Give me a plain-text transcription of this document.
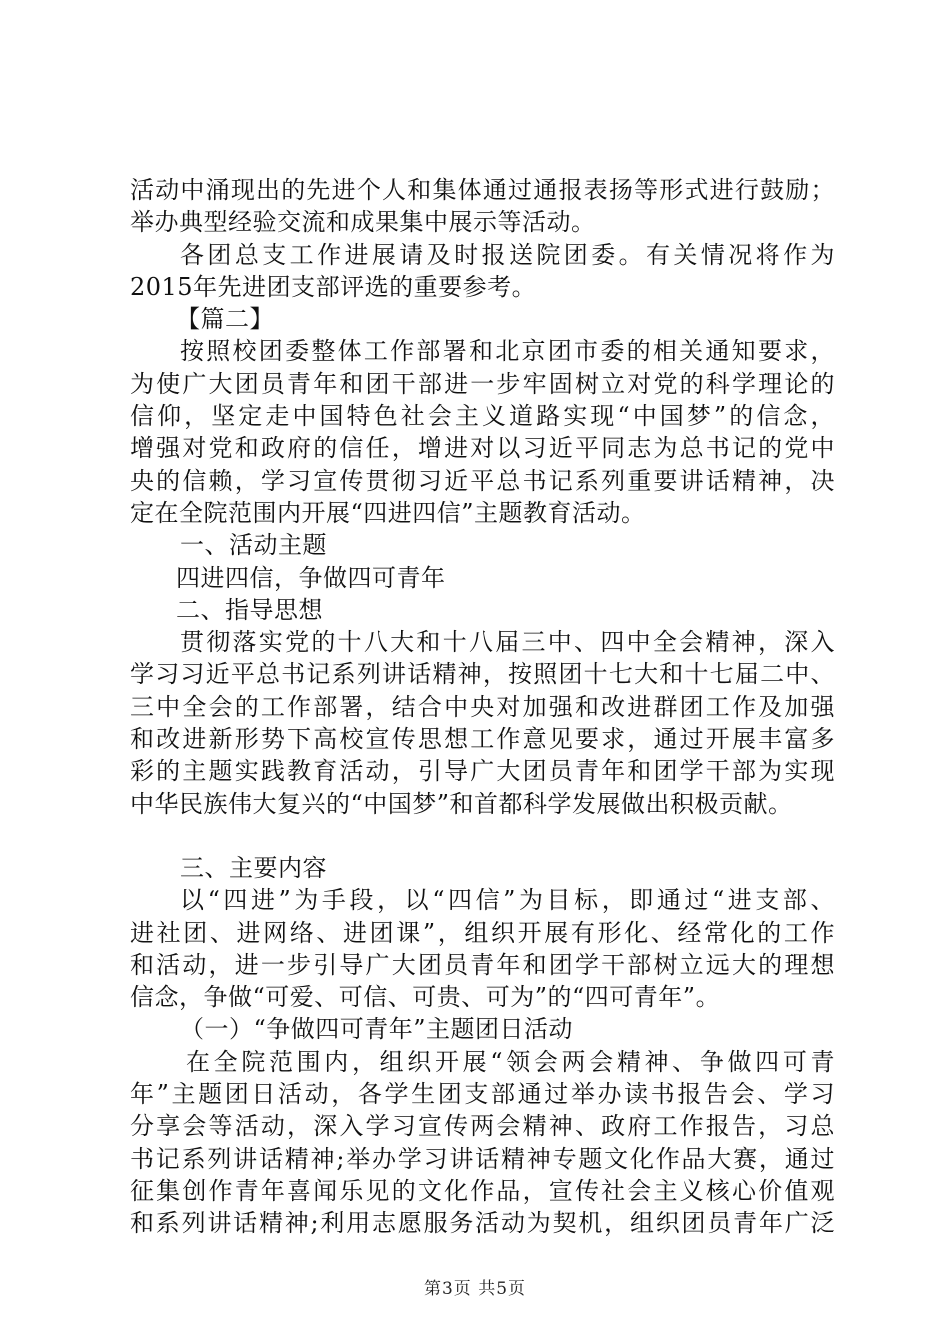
活动中涌现出的先进个人和集体通过通报表扬等形式进行鼓励；
举办典型经验交流和成果集中展示等活动。
各团总支工作进展请及时报送院团委。有关情况将作为
2015年先进团支部评选的重要参考。
【篇二】
按照校团委整体工作部署和北京团市委的相关通知要求，
为使广大团员青年和团干部进一步牢固树立对党的科学理论的
信仰，坚定走中国特色社会主义道路实现“中国梦”的信念，
增强对党和政府的信任，增进对以习近平同志为总书记的党中
央的信赖，学习宣传贯彻习近平总书记系列重要讲话精神，决
定在全院范围内开展“四进四信”主题教育活动。
一、活动主题
四进四信，争做四可青年
二、指导思想
贯彻落实党的十八大和十八届三中、四中全会精神，深入
学习习近平总书记系列讲话精神，按照团十七大和十七届二中、
三中全会的工作部署，结合中央对加强和改进群团工作及加强
和改进新形势下高校宣传思想工作意见要求，通过开展丰富多
彩的主题实践教育活动，引导广大团员青年和团学干部为实现
中华民族伟大复兴的“中国梦”和首都科学发展做出积极贡献。
三、主要内容
以“四进”为手段，以“四信”为目标，即通过“进支部、
进社团、进网络、进团课”，组织开展有形化、经常化的工作
和活动，进一步引导广大团员青年和团学干部树立远大的理想
信念，争做“可爱、可信、可贵、可为”的“四可青年”。
（一）“争做四可青年”主题团日活动
在全院范围内，组织开展“领会两会精神、争做四可青
年”主题团日活动，各学生团支部通过举办读书报告会、学习
分享会等活动，深入学习宣传两会精神、政府工作报告，习总
书记系列讲话精神;举办学习讲话精神专题文化作品大赛，通过
征集创作青年喜闻乐见的文化作品，宣传社会主义核心价值观
和系列讲话精神;利用志愿服务活动为契机，组织团员青年广泛
第3页 共5页
